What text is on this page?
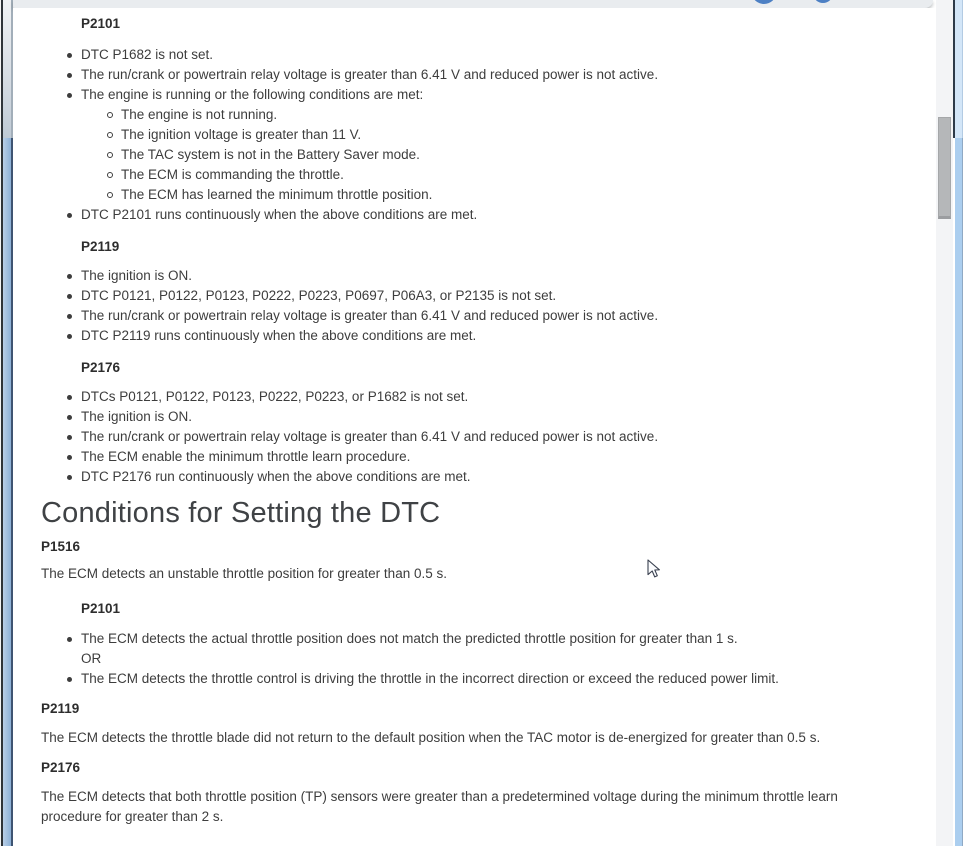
P2101
DTC P1682 is not set.
The run/crank or powertrain relay voltage is greater than 6.41 V and reduced power is not active.
The engine is running or the following conditions are met:
The engine is not running.
The ignition voltage is greater than 11 V.
The TAC system is not in the Battery Saver mode.
The ECM is commanding the throttle.
The ECM has learned the minimum throttle position.
DTC P2101 runs continuously when the above conditions are met.
P2119
The ignition is ON.
DTC P0121, P0122, P0123, P0222, P0223, P0697, P06A3, or P2135 is not set.
The run/crank or powertrain relay voltage is greater than 6.41 V and reduced power is not active.
DTC P2119 runs continuously when the above conditions are met.
P2176
DTCs P0121, P0122, P0123, P0222, P0223, or P1682 is not set.
The ignition is ON.
The run/crank or powertrain relay voltage is greater than 6.41 V and reduced power is not active.
The ECM enable the minimum throttle learn procedure.
DTC P2176 run continuously when the above conditions are met.
Conditions for Setting the DTC
P1516

The ECM detects an unstable throttle position for greater than 0.5 s.

P2101
The ECM detects the actual throttle position does not match the predicted throttle position for greater than 1 s.
OR
The ECM detects the throttle control is driving the throttle in the incorrect direction or exceed the reduced power limit.
P2119

The ECM detects the throttle blade did not return to the default position when the TAC motor is de-energized for greater than 0.5 s.

P2176

The ECM detects that both throttle position (TP) sensors were greater than a predetermined voltage during the minimum throttle learn procedure for greater than 2 s.
